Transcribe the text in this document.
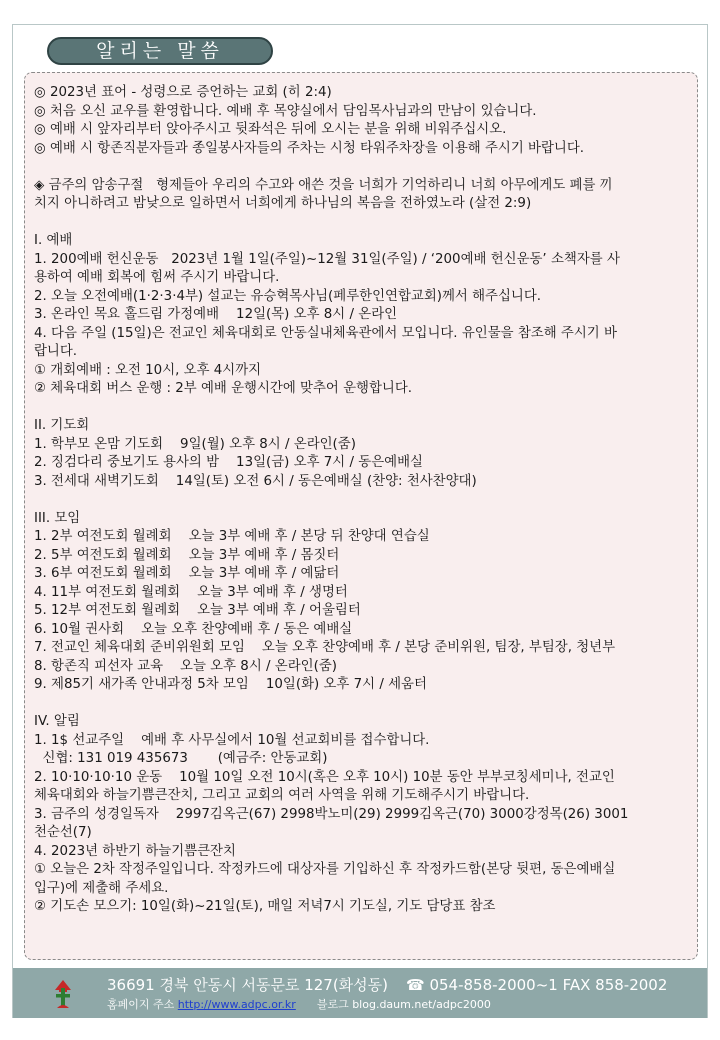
알리는 말씀
◎ 2023년 표어 - 성령으로 증언하는 교회 (히 2:4)
◎ 처음 오신 교우를 환영합니다. 예배 후 목양실에서 담임목사님과의 만남이 있습니다.
◎ 예배 시 앞자리부터 앉아주시고 뒷좌석은 뒤에 오시는 분을 위해 비워주십시오.
◎ 예배 시 항존직분자들과 종일봉사자들의 주차는 시청 타워주차장을 이용해 주시기 바랍니다.
◈ 금주의 암송구절   형제들아 우리의 수고와 애쓴 것을 너희가 기억하리니 너희 아무에게도 폐를 끼
치지 아니하려고 밤낮으로 일하면서 너희에게 하나님의 복음을 전하였노라 (살전 2:9)
I. 예배
1. 200예배 헌신운동   2023년 1월 1일(주일)~12월 31일(주일) / ‘200예배 헌신운동’ 소책자를 사
용하여 예배 회복에 힘써 주시기 바랍니다.
2. 오늘 오전예배(1·2·3·4부) 설교는 유승혁목사님(페루한인연합교회)께서 해주십니다.
3. 온라인 목요 홀드림 가정예배    12일(목) 오후 8시 / 온라인
4. 다음 주일 (15일)은 전교인 체육대회로 안동실내체육관에서 모입니다. 유인물을 참조해 주시기 바
랍니다.
① 개회예배 : 오전 10시, 오후 4시까지
② 체육대회 버스 운행 : 2부 예배 운행시간에 맞추어 운행합니다.
II. 기도회
1. 학부모 온맘 기도회    9일(월) 오후 8시 / 온라인(줌)
2. 징검다리 중보기도 용사의 밤    13일(금) 오후 7시 / 동은예배실
3. 전세대 새벽기도회    14일(토) 오전 6시 / 동은예배실 (찬양: 천사찬양대)
III. 모임
1. 2부 여전도회 월례회    오늘 3부 예배 후 / 본당 뒤 찬양대 연습실
2. 5부 여전도회 월례회    오늘 3부 예배 후 / 몸짓터
3. 6부 여전도회 월례회    오늘 3부 예배 후 / 예닮터
4. 11부 여전도회 월례회    오늘 3부 예배 후 / 생명터
5. 12부 여전도회 월례회    오늘 3부 예배 후 / 어울림터
6. 10월 권사회    오늘 오후 찬양예배 후 / 동은 예배실
7. 전교인 체육대회 준비위원회 모임    오늘 오후 찬양예배 후 / 본당 준비위원, 팀장, 부팀장, 청년부
8. 항존직 피선자 교육    오늘 오후 8시 / 온라인(줌)
9. 제85기 새가족 안내과정 5차 모임    10일(화) 오후 7시 / 세움터
IV. 알림
1. 1$ 선교주일    예배 후 사무실에서 10월 선교회비를 접수합니다.
신협: 131 019 435673       (예금주: 안동교회)
2. 10·10·10·10 운동    10월 10일 오전 10시(혹은 오후 10시) 10분 동안 부부코칭세미나, 전교인
체육대회와 하늘기쁨큰잔치, 그리고 교회의 여러 사역을 위해 기도해주시기 바랍니다.
3. 금주의 성경일독자    2997김옥근(67) 2998박노미(29) 2999김옥근(70) 3000강정목(26) 3001
천순선(7)
4. 2023년 하반기 하늘기쁨큰잔치
① 오늘은 2차 작정주일입니다. 작정카드에 대상자를 기입하신 후 작정카드함(본당 뒷편, 동은예배실
입구)에 제출해 주세요.
② 기도손 모으기: 10일(화)~21일(토), 매일 저녁7시 기도실, 기도 담당표 참조
36691 경북 안동시 서동문로 127(화성동) ☎ 054-858-2000~1 FAX 858-2002
홈페이지 주소 http://www.adpc.or.kr 블로그 blog.daum.net/adpc2000
